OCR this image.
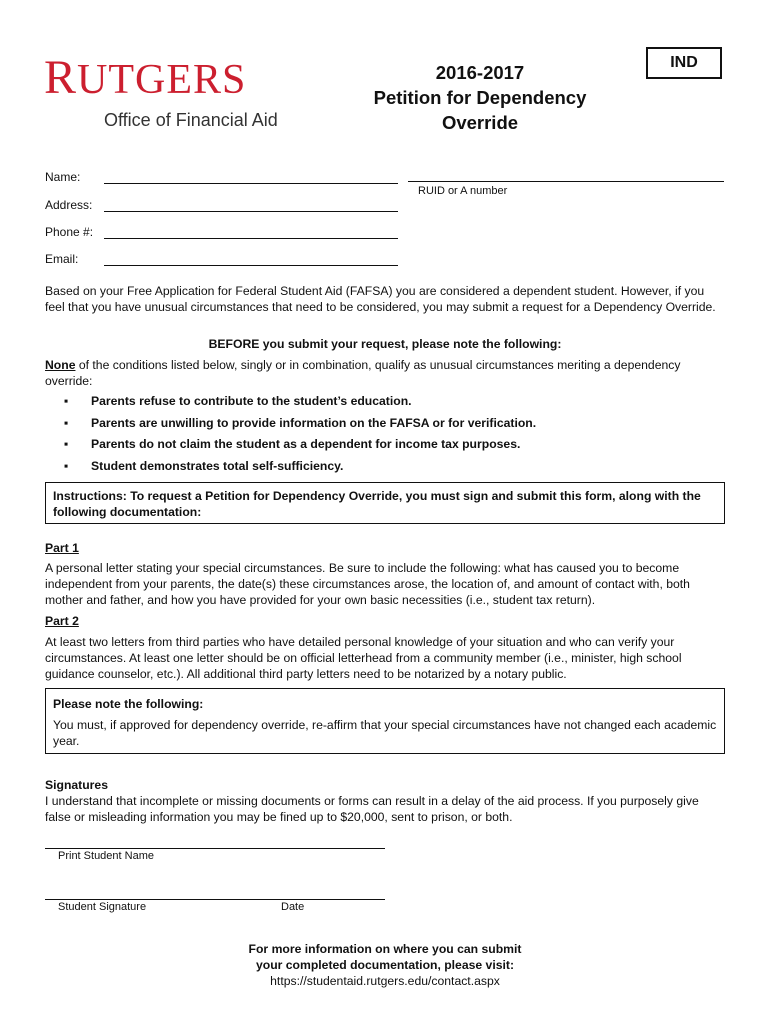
RUTGERS
Office of Financial Aid
2016-2017
Petition for Dependency
Override
IND
Name:
RUID or A number
Address:
Phone #:
Email:
Based on your Free Application for Federal Student Aid (FAFSA) you are considered a dependent student. However, if you feel that you have unusual circumstances that need to be considered, you may submit a request for a Dependency Override.
BEFORE you submit your request, please note the following:
None of the conditions listed below, singly or in combination, qualify as unusual circumstances meriting a dependency override:
▪ Parents refuse to contribute to the student’s education.
▪ Parents are unwilling to provide information on the FAFSA or for verification.
▪ Parents do not claim the student as a dependent for income tax purposes.
▪ Student demonstrates total self-sufficiency.
Instructions: To request a Petition for Dependency Override, you must sign and submit this form, along with the following documentation:
Part 1
A personal letter stating your special circumstances. Be sure to include the following: what has caused you to become independent from your parents, the date(s) these circumstances arose, the location of, and amount of contact with, both mother and father, and how you have provided for your own basic necessities (i.e., student tax return).
Part 2
At least two letters from third parties who have detailed personal knowledge of your situation and who can verify your circumstances. At least one letter should be on official letterhead from a community member (i.e., minister, high school guidance counselor, etc.). All additional third party letters need to be notarized by a notary public.
Please note the following:
You must, if approved for dependency override, re-affirm that your special circumstances have not changed each academic year.
Signatures
I understand that incomplete or missing documents or forms can result in a delay of the aid process. If you purposely give false or misleading information you may be fined up to $20,000, sent to prison, or both.
Print Student Name
Student Signature	Date
For more information on where you can submit
your completed documentation, please visit:
https://studentaid.rutgers.edu/contact.aspx
